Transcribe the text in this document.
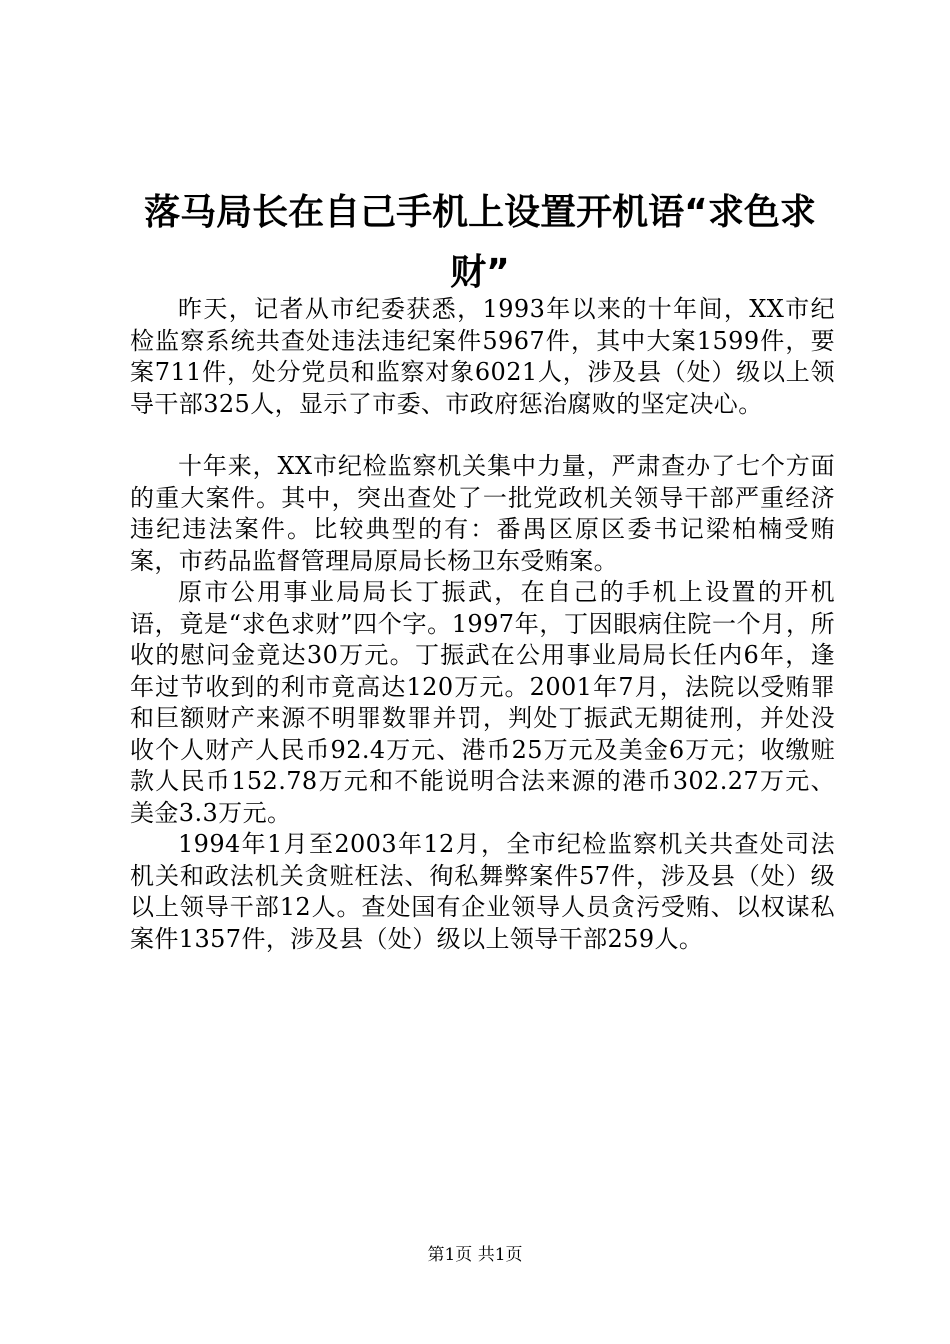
落马局长在自己手机上设置开机语“求色求财”

昨天，记者从市纪委获悉，1993年以来的十年间，XX市纪检监察系统共查处违法违纪案件5967件，其中大案1599件，要案711件，处分党员和监察对象6021人，涉及县（处）级以上领导干部325人，显示了市委、市政府惩治腐败的坚定决心。

十年来，XX市纪检监察机关集中力量，严肃查办了七个方面的重大案件。其中，突出查处了一批党政机关领导干部严重经济违纪违法案件。比较典型的有：番禺区原区委书记梁柏楠受贿案，市药品监督管理局原局长杨卫东受贿案。

原市公用事业局局长丁振武，在自己的手机上设置的开机语，竟是“求色求财”四个字。1997年，丁因眼病住院一个月，所收的慰问金竟达30万元。丁振武在公用事业局局长任内6年，逢年过节收到的利市竟高达120万元。2001年7月，法院以受贿罪和巨额财产来源不明罪数罪并罚，判处丁振武无期徒刑，并处没收个人财产人民币92.4万元、港币25万元及美金6万元；收缴赃款人民币152.78万元和不能说明合法来源的港币302.27万元、美金3.3万元。

1994年1月至2003年12月，全市纪检监察机关共查处司法机关和政法机关贪赃枉法、徇私舞弊案件57件，涉及县（处）级以上领导干部12人。查处国有企业领导人员贪污受贿、以权谋私案件1357件，涉及县（处）级以上领导干部259人。

第1页 共1页
